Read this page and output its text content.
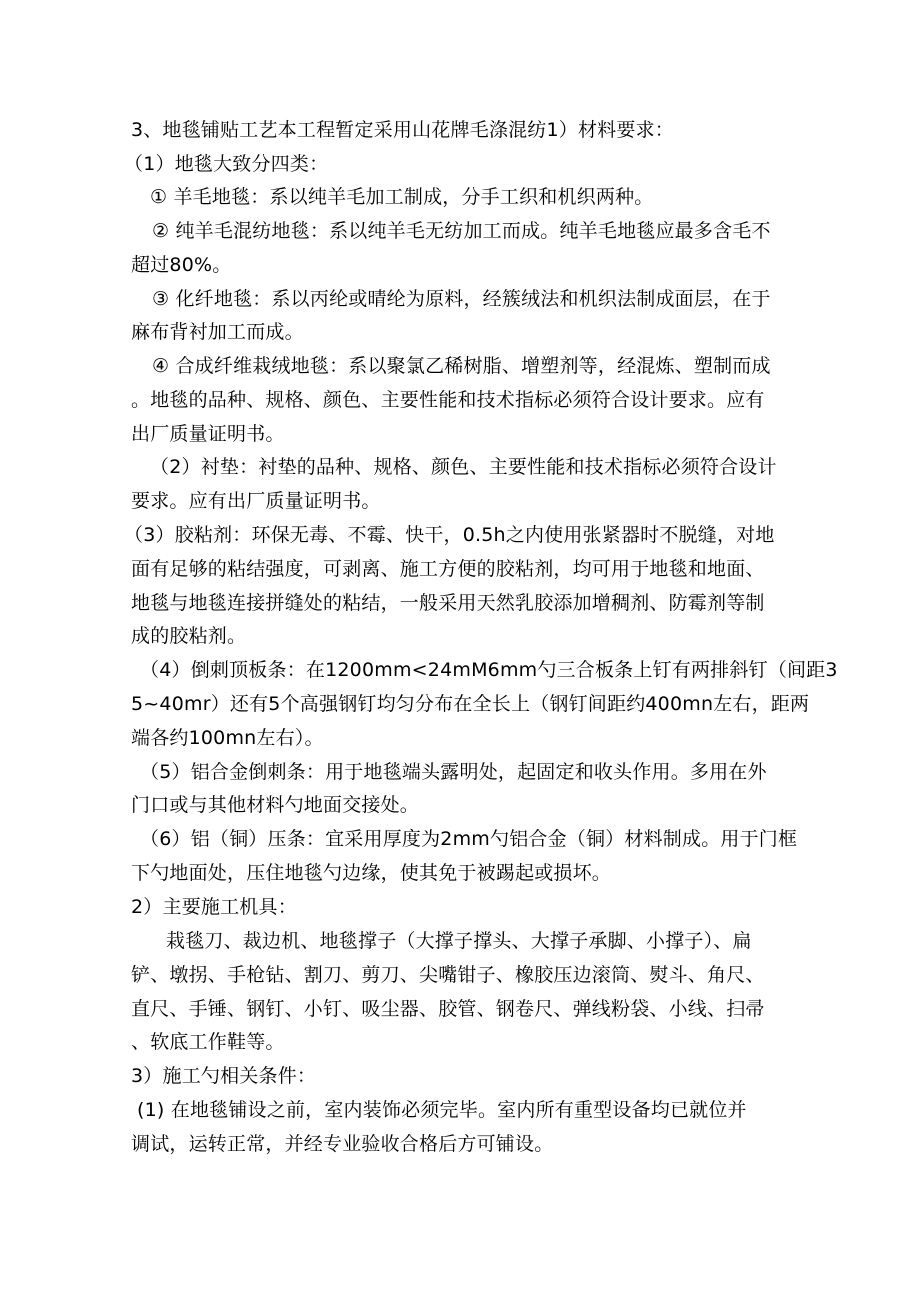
3、地毯铺贴工艺本工程暂定采用山花牌毛涤混纺1）材料要求：
（1）地毯大致分四类：
① 羊毛地毯：系以纯羊毛加工制成，分手工织和机织两种。
② 纯羊毛混纺地毯：系以纯羊毛无纺加工而成。纯羊毛地毯应最多含毛不
超过80%。
③ 化纤地毯：系以丙纶或晴纶为原料，经簇绒法和机织法制成面层，在于
麻布背衬加工而成。
④ 合成纤维栽绒地毯：系以聚氯乙稀树脂、增塑剂等，经混炼、塑制而成
。地毯的品种、规格、颜色、主要性能和技术指标必须符合设计要求。应有
出厂质量证明书。
（2）衬垫：衬垫的品种、规格、颜色、主要性能和技术指标必须符合设计
要求。应有出厂质量证明书。
（3）胶粘剂：环保无毒、不霉、快干，0.5h之内使用张紧器时不脱缝，对地
面有足够的粘结强度，可剥离、施工方便的胶粘剂，均可用于地毯和地面、
地毯与地毯连接拼缝处的粘结，一般采用天然乳胶添加增稠剂、防霉剂等制
成的胶粘剂。
（4）倒刺顶板条：在1200mm<24mM6mm勺三合板条上钉有两排斜钉（间距3
5~40mr）还有5个高强钢钉均匀分布在全长上（钢钉间距约400mn左右，距两
端各约100mn左右）。
（5）铝合金倒刺条：用于地毯端头露明处，起固定和收头作用。多用在外
门口或与其他材料勺地面交接处。
（6）铝（铜）压条：宜采用厚度为2mm勺铝合金（铜）材料制成。用于门框
下勺地面处，压住地毯勺边缘，使其免于被踢起或损坏。
2）主要施工机具：
栽毯刀、裁边机、地毯撑子（大撑子撑头、大撑子承脚、小撑子）、扁
铲、墩拐、手枪钻、割刀、剪刀、尖嘴钳子、橡胶压边滚筒、熨斗、角尺、
直尺、手锤、钢钉、小钉、吸尘器、胶管、钢卷尺、弹线粉袋、小线、扫帚
、软底工作鞋等。
3）施工勺相关条件：
(1) 在地毯铺设之前，室内装饰必须完毕。室内所有重型设备均已就位并
调试，运转正常，并经专业验收合格后方可铺设。
